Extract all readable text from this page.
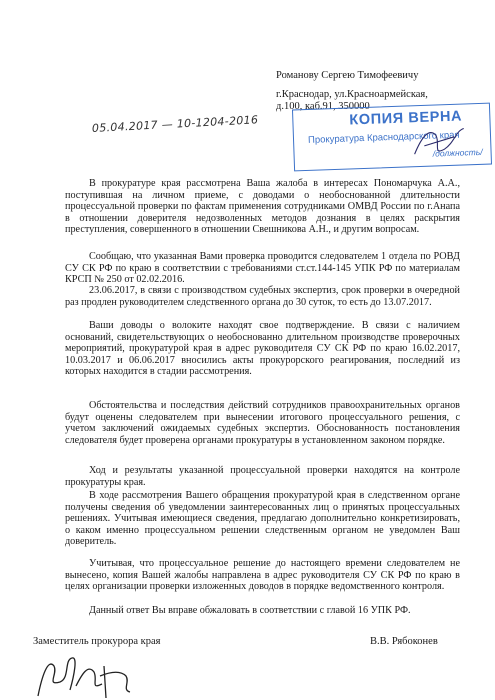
Романову Сергею Тимофеевичу
г.Краснодар, ул.Красноармейская,
д.100, каб.91, 350000
05.04.2017 — 10-1204-2016	КОПИЯ ВЕРНА
Прокуратура Краснодарского края
/должность/

В прокуратуре края рассмотрена Ваша жалоба в интересах Пономарчука А.А., поступившая на личном приеме, с доводами о необоснованной длительности процессуальной проверки по фактам применения сотрудниками ОМВД России по г.Анапа в отношении доверителя недозволенных методов дознания в целях раскрытия преступления, совершенного в отношении Свешникова А.Н., и другим вопросам.

Сообщаю, что указанная Вами проверка проводится следователем 1 отдела по РОВД СУ СК РФ по краю в соответствии с требованиями ст.ст.144-145 УПК РФ по материалам КРСП № 250 от 02.02.2016.

23.06.2017, в связи с производством судебных экспертиз, срок проверки в очередной раз продлен руководителем следственного органа до 30 суток, то есть до 13.07.2017.

Ваши доводы о волоките находят свое подтверждение. В связи с наличием оснований, свидетельствующих о необоснованно длительном производстве проверочных мероприятий, прокуратурой края в адрес руководителя СУ СК РФ по краю 16.02.2017, 10.03.2017 и 06.06.2017 вносились акты прокурорского реагирования, последний из которых находится в стадии рассмотрения.

Обстоятельства и последствия действий сотрудников правоохранительных органов будут оценены следователем при вынесении итогового процессуального решения, с учетом заключений ожидаемых судебных экспертиз. Обоснованность постановления следователя будет проверена органами прокуратуры в установленном законом порядке.

Ход и результаты указанной процессуальной проверки находятся на контроле прокуратуры края.

В ходе рассмотрения Вашего обращения прокуратурой края в следственном органе получены сведения об уведомлении заинтересованных лиц о принятых процессуальных решениях. Учитывая имеющиеся сведения, предлагаю дополнительно конкретизировать, о каком именно процессуальном решении следственным органом не уведомлен Ваш доверитель.

Учитывая, что процессуальное решение до настоящего времени следователем не вынесено, копия Вашей жалобы направлена в адрес руководителя СУ СК РФ по краю в целях организации проверки изложенных доводов в порядке ведомственного контроля.

Данный ответ Вы вправе обжаловать в соответствии с главой 16 УПК РФ.

Заместитель прокурора края	В.В. Рябоконев
